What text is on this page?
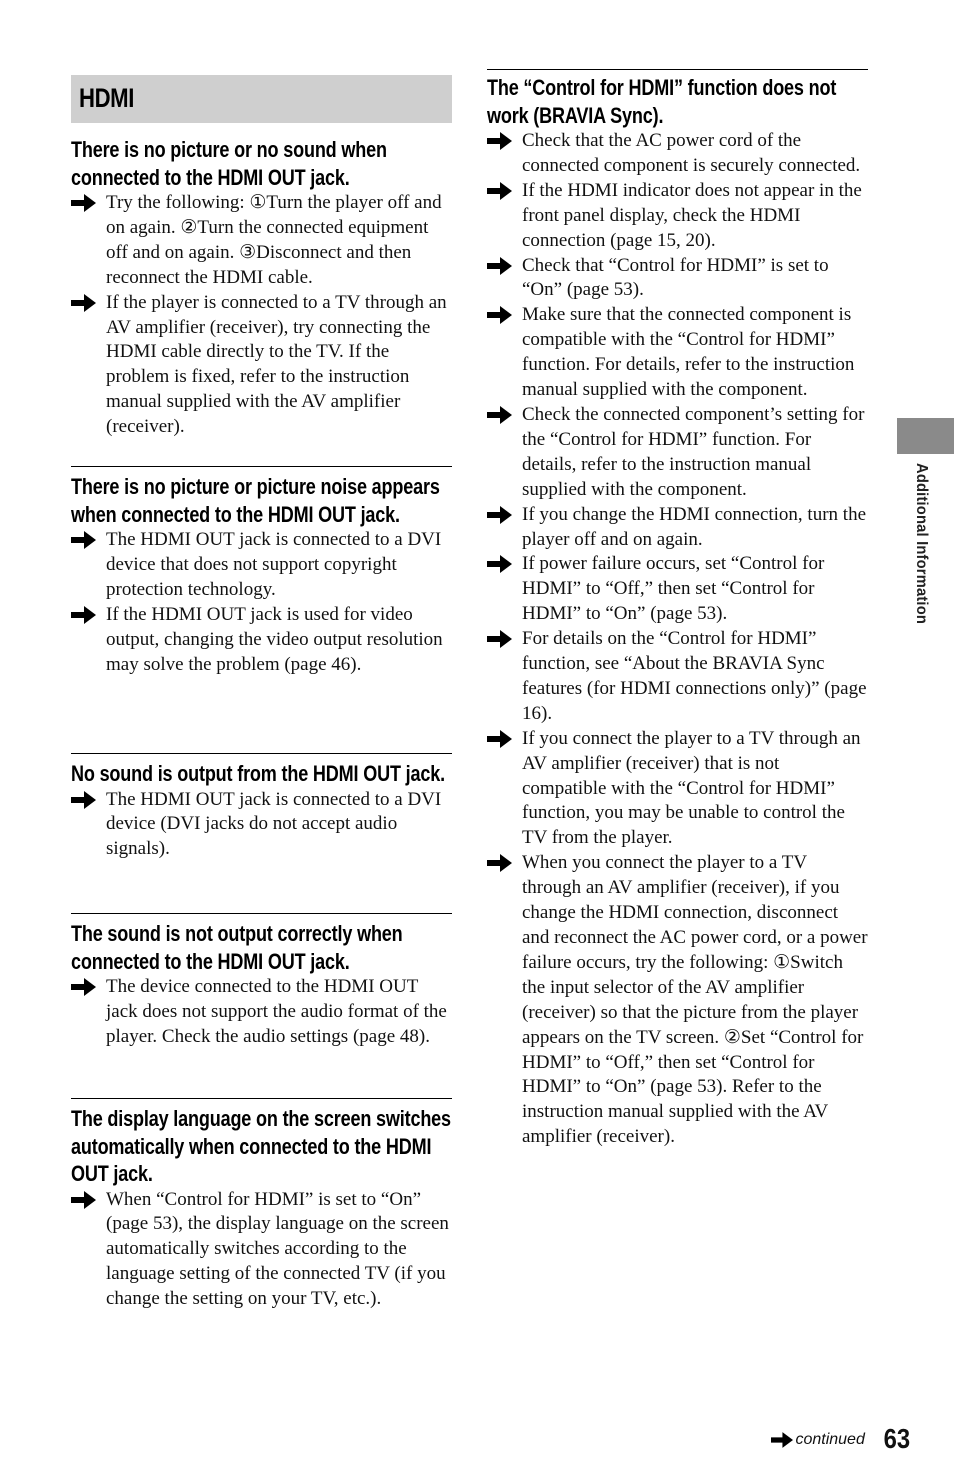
HDMI
There is no picture or no sound when connected to the HDMI OUT jack.
Try the following: ①Turn the player off and on again. ②Turn the connected equipment off and on again. ③Disconnect and then reconnect the HDMI cable.
If the player is connected to a TV through an AV amplifier (receiver), try connecting the HDMI cable directly to the TV. If the problem is fixed, refer to the instruction manual supplied with the AV amplifier (receiver).
There is no picture or picture noise appears when connected to the HDMI OUT jack.
The HDMI OUT jack is connected to a DVI device that does not support copyright protection technology.
If the HDMI OUT jack is used for video output, changing the video output resolution may solve the problem (page 46).
No sound is output from the HDMI OUT jack.
The HDMI OUT jack is connected to a DVI device (DVI jacks do not accept audio signals).
The sound is not output correctly when connected to the HDMI OUT jack.
The device connected to the HDMI OUT jack does not support the audio format of the player. Check the audio settings (page 48).
The display language on the screen switches automatically when connected to the HDMI OUT jack.
When “Control for HDMI” is set to “On” (page 53), the display language on the screen automatically switches according to the language setting of the connected TV (if you change the setting on your TV, etc.).
The “Control for HDMI” function does not work (BRAVIA Sync).
Check that the AC power cord of the connected component is securely connected.
If the HDMI indicator does not appear in the front panel display, check the HDMI connection (page 15, 20).
Check that “Control for HDMI” is set to “On” (page 53).
Make sure that the connected component is compatible with the “Control for HDMI” function. For details, refer to the instruction manual supplied with the component.
Check the connected component’s setting for the “Control for HDMI” function. For details, refer to the instruction manual supplied with the component.
If you change the HDMI connection, turn the player off and on again.
If power failure occurs, set “Control for HDMI” to “Off,” then set “Control for HDMI” to “On” (page 53).
For details on the “Control for HDMI” function, see “About the BRAVIA Sync features (for HDMI connections only)” (page 16).
If you connect the player to a TV through an AV amplifier (receiver) that is not compatible with the “Control for HDMI” function, you may be unable to control the TV from the player.
When you connect the player to a TV through an AV amplifier (receiver), if you change the HDMI connection, disconnect and reconnect the AC power cord, or a power failure occurs, try the following: ①Switch the input selector of the AV amplifier (receiver) so that the picture from the player appears on the TV screen. ②Set “Control for HDMI” to “Off,” then set “Control for HDMI” to “On” (page 53). Refer to the instruction manual supplied with the AV amplifier (receiver).
Additional Information
continued 63
